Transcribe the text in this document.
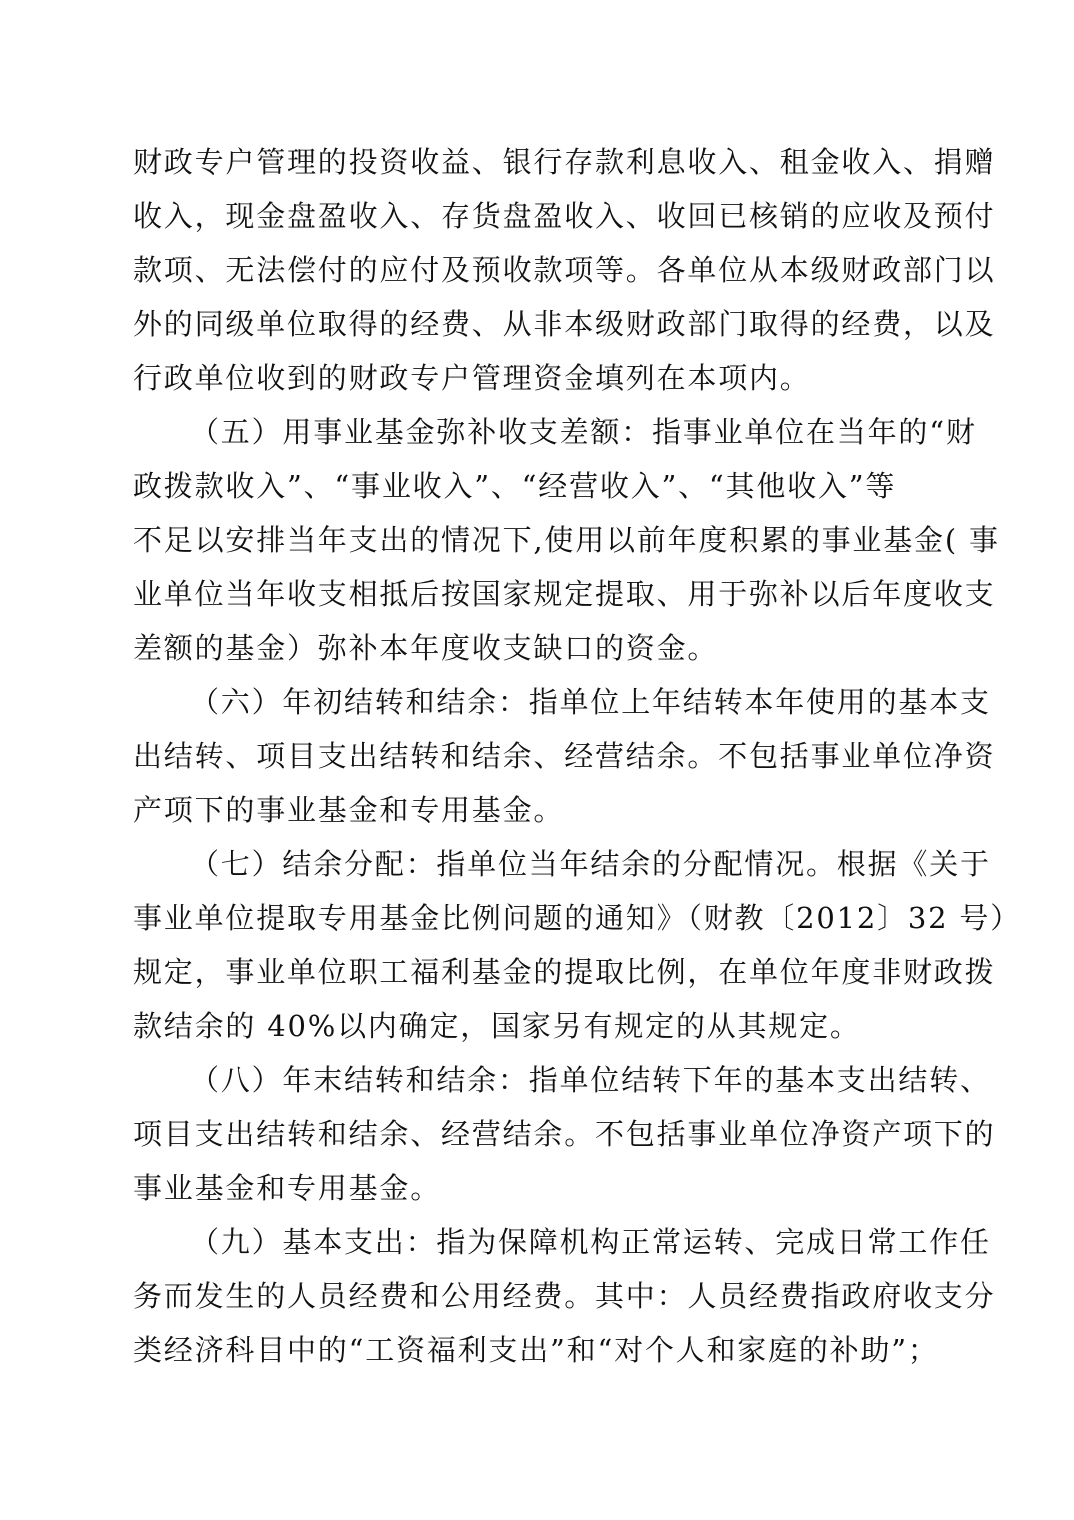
财政专户管理的投资收益、银行存款利息收入、租金收入、捐赠
收入，现金盘盈收入、存货盘盈收入、收回已核销的应收及预付
款项、无法偿付的应付及预收款项等。各单位从本级财政部门以
外的同级单位取得的经费、从非本级财政部门取得的经费，以及
行政单位收到的财政专户管理资金填列在本项内。
（五）用事业基金弥补收支差额：指事业单位在当年的“财
政拨款收入”、“事业收入”、“经营收入”、“其他收入”等
不足以安排当年支出的情况下,使用以前年度积累的事业基金( 事
业单位当年收支相抵后按国家规定提取、用于弥补以后年度收支
差额的基金）弥补本年度收支缺口的资金。
（六）年初结转和结余：指单位上年结转本年使用的基本支
出结转、项目支出结转和结余、经营结余。不包括事业单位净资
产项下的事业基金和专用基金。
（七）结余分配：指单位当年结余的分配情况。根据《关于
事业单位提取专用基金比例问题的通知》（财教〔2012〕32 号）
规定，事业单位职工福利基金的提取比例，在单位年度非财政拨
款结余的 40%以内确定，国家另有规定的从其规定。
（八）年末结转和结余：指单位结转下年的基本支出结转、
项目支出结转和结余、经营结余。不包括事业单位净资产项下的
事业基金和专用基金。
（九）基本支出：指为保障机构正常运转、完成日常工作任
务而发生的人员经费和公用经费。其中：人员经费指政府收支分
类经济科目中的“工资福利支出”和“对个人和家庭的补助”；
